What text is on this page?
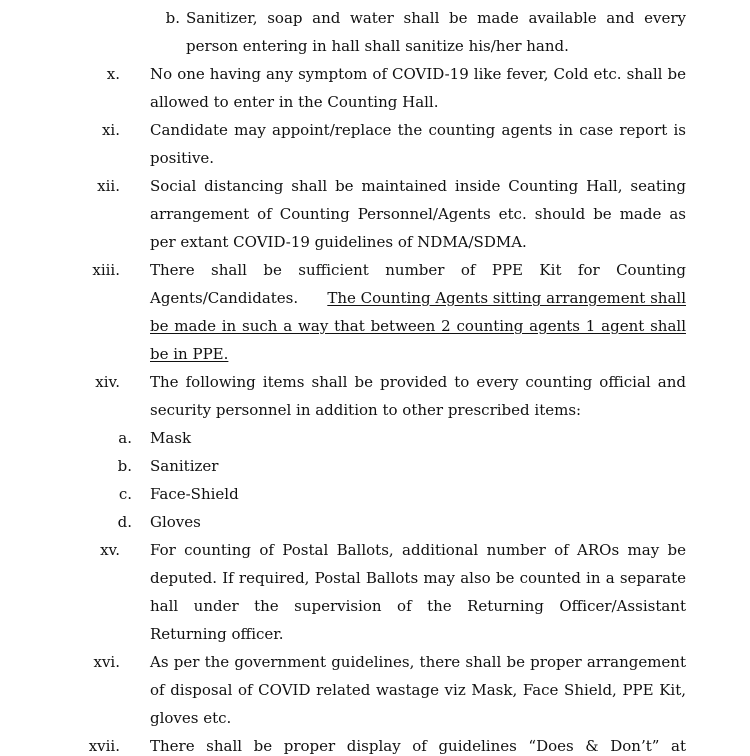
b. Sanitizer, soap and water shall be made available and every
person entering in hall shall sanitize his/her hand.
x. No one having any symptom of COVID-19 like fever, Cold etc. shall be
allowed to enter in the Counting Hall.
xi. Candidate may appoint/replace the counting agents in case report is
positive.
xii. Social distancing shall be maintained inside Counting Hall, seating
arrangement of Counting Personnel/Agents etc. should be made as
per extant COVID-19 guidelines of NDMA/SDMA.
xiii. There shall be sufficient number of PPE Kit for Counting
Agents/Candidates. The Counting Agents sitting arrangement shall
be made in such a way that between 2 counting agents 1 agent shall
be in PPE.
xiv. The following items shall be provided to every counting official and
security personnel in addition to other prescribed items:
a. Mask
b. Sanitizer
c. Face-Shield
d. Gloves
xv. For counting of Postal Ballots, additional number of AROs may be
deputed. If required, Postal Ballots may also be counted in a separate
hall under the supervision of the Returning Officer/Assistant
Returning officer.
xvi. As per the government guidelines, there shall be proper arrangement
of disposal of COVID related wastage viz Mask, Face Shield, PPE Kit,
gloves etc.
xvii. There shall be proper display of guidelines “Does & Don’t” at
